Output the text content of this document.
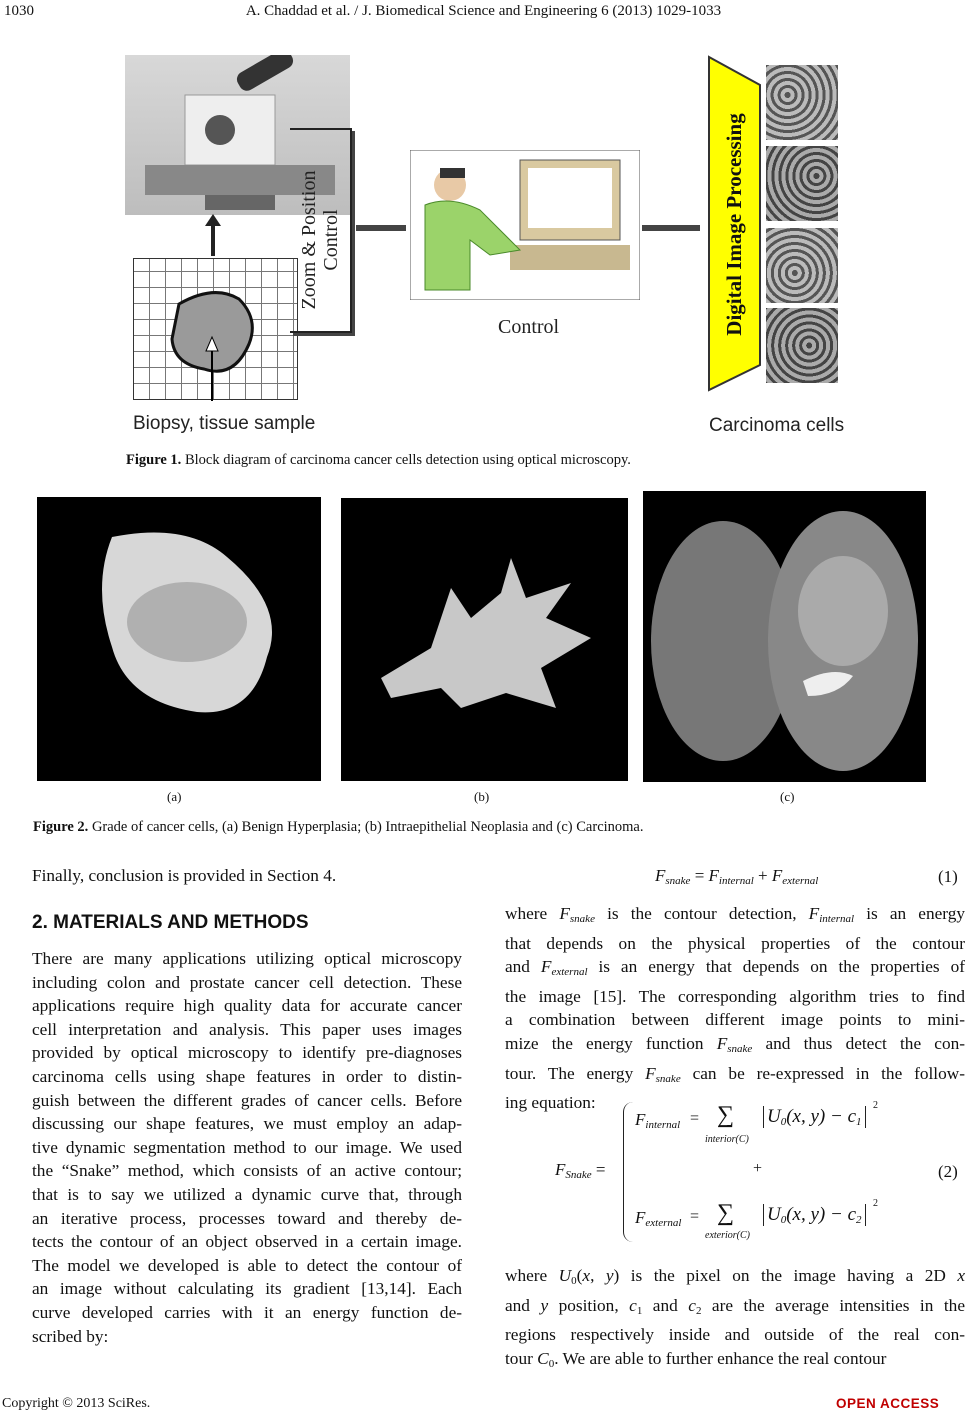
1030	A. Chaddad et al. / J. Biomedical Science and Engineering 6 (2013) 1029-1033
Zoom & Position Control
Control	Digital Image Processing
Biopsy, tissue sample	Carcinoma cells
Figure 1. Block diagram of carcinoma cancer cells detection using optical microscopy.
(a)	(b)	(c)
Figure 2. Grade of cancer cells, (a) Benign Hyperplasia; (b) Intraepithelial Neoplasia and (c) Carcinoma.
Finally, conclusion is provided in Section 4.
2. MATERIALS AND METHODS
There are many applications utilizing optical microscopy
including colon and prostate cancer cell detection. These
applications require high quality data for accurate cancer
cell interpretation and analysis. This paper uses images
provided by optical microscopy to identify pre-diagnoses
carcinoma cells using shape features in order to distin-
guish between the different grades of cancer cells. Before
discussing our shape features, we must employ an adap-
tive dynamic segmentation method to our image. We used
the “Snake” method, which consists of an active contour;
that is to say we utilized a dynamic curve that, through
an iterative process, processes toward and thereby de-
tects the contour of an object observed in a certain image.
The model we developed is able to detect the contour of
an image without calculating its gradient [13,14]. Each
curve developed carries with it an energy function de-
scribed by:
$F_{snake} = F_{internal} + F_{external}$	(1)
where $F_{snake}$ is the contour detection, $F_{internal}$ is an energy
that depends on the physical properties of the contour
and $F_{external}$ is an energy that depends on the properties of
the image [15]. The corresponding algorithm tries to find
a combination between different image points to mini-
mize the energy function $F_{snake}$ and thus detect the con-
tour. The energy $F_{snake}$ can be re-expressed in the follow-
ing equation:
$F_{Snake}$ =
$F_{internal}$ = ∑
interior(C)
$U_0(x$, $y) - c_1$
2
+
$F_{external}$ = ∑
exterior(C)
$U_0(x$, $y) - c_2$
2
(2)
where $U_0(x$, y) is the pixel on the image having a 2D x
and y position, $c_1$ and $c_2$ are the average intensities in the
regions respectively inside and outside of the real con-
tour $C_0$. We are able to further enhance the real contour
Copyright © 2013 SciRes.	OPEN ACCESS
